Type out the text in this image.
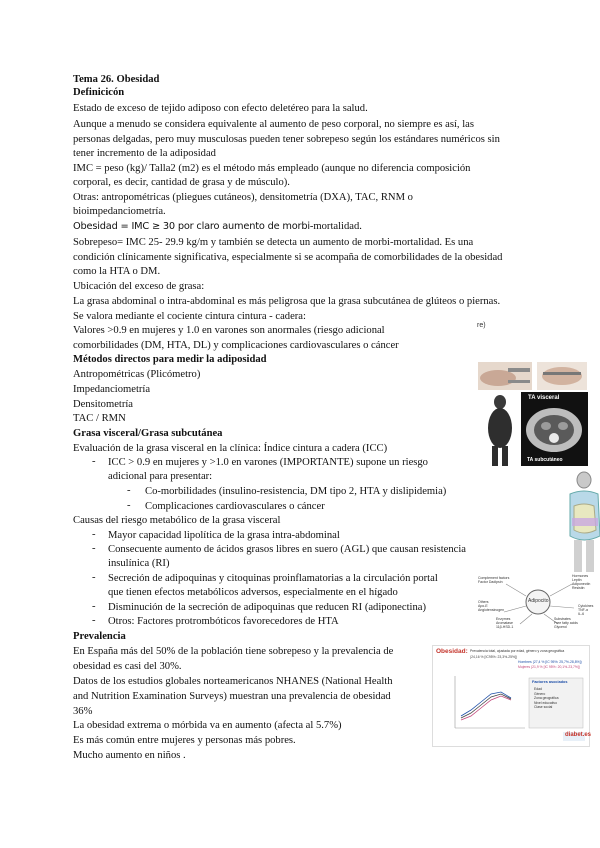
Tema 26. Obesidad
Definicicón
Estado de exceso de tejido adiposo con efecto deletéreo para la salud.
Aunque a menudo se considera equivalente al aumento de peso corporal, no siempre es así, las
personas delgadas, pero muy musculosas pueden tener sobrepeso según los estándares numéricos sin
tener incremento de la adiposidad
IMC = peso (kg)/ Talla2 (m2) es el método más empleado (aunque no diferencia composición
corporal, es decir, cantidad de grasa y de músculo).
Otras: antropométricas (pliegues cutáneos), densitometría (DXA), TAC, RNM o
bioimpedanciometría.
Obesidad = IMC ≥ 30 por claro aumento de morbi-mortalidad.
Sobrepeso= IMC 25- 29.9 kg/m y también se detecta un aumento de morbi-mortalidad. Es una
condición clínicamente significativa, especialmente si se acompaña de comorbilidades de la obesidad
como la HTA o DM.
Ubicación del exceso de grasa:
La grasa abdominal o intra-abdominal es más peligrosa que la grasa subcutánea de glúteos o piernas.
Se valora mediante el cociente cintura cintura - cadera:
Valores >0.9 en mujeres y 1.0 en varones son anormales (riesgo adicional
comorbilidades (DM, HTA, DL) y complicaciones cardiovasculares o cáncer
Métodos directos para medir la adiposidad
Antropométricas (Plicómetro)
Impedanciometría
Densitometría
TAC / RMN
Grasa visceral/Grasa subcutánea
Evaluación de la grasa visceral en la clínica: Índice cintura a cadera (ICC)
- ICC > 0.9 en mujeres y >1.0 en varones (IMPORTANTE) supone un riesgo
adicional para presentar:
- Co-morbilidades (insulino-resistencia, DM tipo 2, HTA y dislipidemia)
- Complicaciones cardiovasculares o cáncer
Causas del riesgo metabólico de la grasa visceral
- Mayor capacidad lipolítica de la grasa intra-abdominal
- Consecuente aumento de ácidos grasos libres en suero (AGL) que causan resistencia
insulínica (RI)
- Secreción de adipoquinas y citoquinas proinflamatorias a la circulación portal
que tienen efectos metabólicos adversos, especialmente en el hígado
- Disminución de la secreción de adipoquinas que reducen RI (adiponectina)
- Otros: Factores protrombóticos favorecedores de HTA
Prevalencia
En España más del 50% de la población tiene sobrepeso y la prevalencia de
obesidad es casi del 30%.
Datos de los estudios globales norteamericanos NHANES (National Health
and Nutrition Examination Surveys) muestran una prevalencia de obesidad
36%
La obesidad extrema o mórbida va en aumento (afecta al 5.7%)
Es más común entre mujeres y personas más pobres.
Mucho aumento en niños .
re)
TA visceral
TA subcutáneo
Adipocito
Complement factors
Factor Dadipsin
Hormones
Leptin
Adiponectin
Resistin
Others
Apo-E
Angiotensinogen
Cytokines
TNF-α
IL-6
Enzymes
Aromatase
11β-HSD-1
Substrates
Free fatty acids
Glycerol
Obesidad: Prevalencia total, ajustada por edad, género y zona geográfica
(24,16 % [IC95%: 23,3%-25%])
Hombres (27,4 % [IC 95%: 25,7%-28,8%])
Mujeres (21,9 % [IC 95%: 20,1%-23,7%])
Factores asociados
Edad
Género
Zona geográfica
Nivel educativo
Clase social
diabet.es
